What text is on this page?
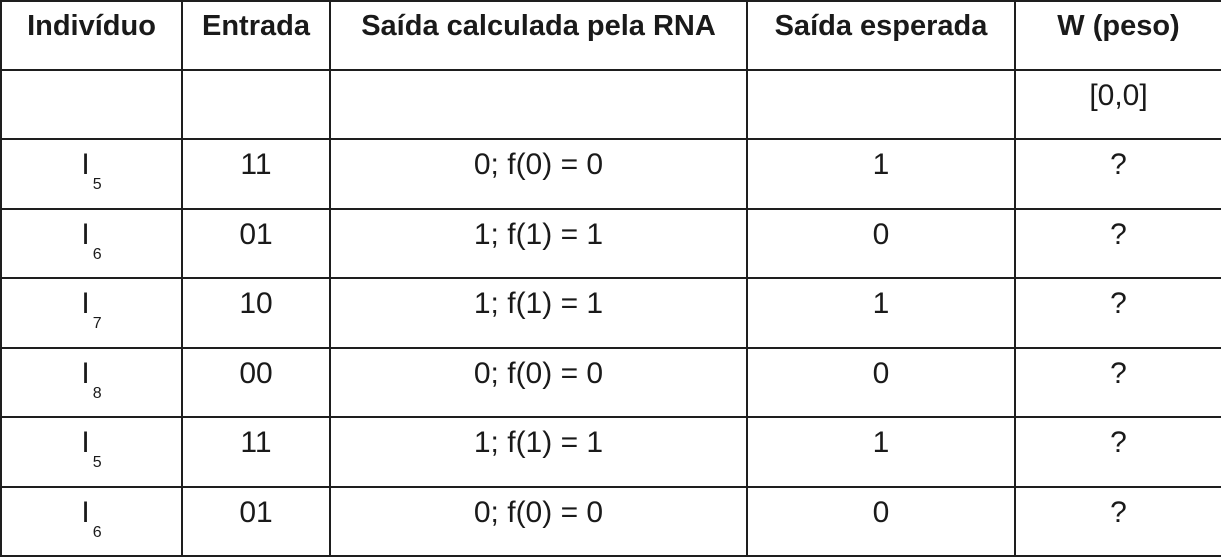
Indivíduo	Entrada	Saída calculada pela RNA	Saída esperada	W (peso)
				[0,0]
$I_5$	11	0; f(0) = 0	1	?
$I_6$	01	1; f(1) = 1	0	?
$I_7$	10	1; f(1) = 1	1	?
$I_8$	00	0; f(0) = 0	0	?
$I_5$	11	1; f(1) = 1	1	?
$I_6$	01	0; f(0) = 0	0	?
